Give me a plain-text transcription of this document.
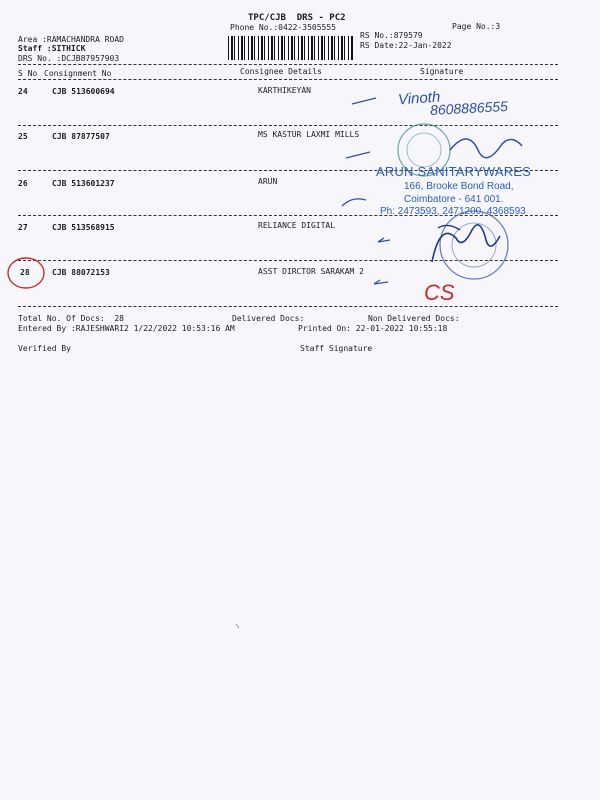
TPC/CJB  DRS - PC2
Phone No.:0422-3505555	Page No.:3
Area :RAMACHANDRA ROAD
Staff :SITHICK
DRS No. :DCJB87957903
RS No.:879579
RS Date:22-Jan-2022
S No Consignment No	Consignee Details	Signature
24	CJB 513600694	KARTHIKEYAN
25	CJB 87877507	MS KASTUR LAXMI MILLS
26	CJB 513601237	ARUN
27	CJB 513568915	RELIANCE DIGITAL
28	CJB 88072153	ASST DIRCTOR SARAKAM 2
Total No. Of Docs:  28	Delivered Docs:	Non Delivered Docs:
Entered By :RAJESHWARI2 1/22/2022 10:53:16 AM	Printed On: 22-01-2022 10:55:18
Verified By	Staff Signature
Vinoth
8608886555
CS
ARUN SANITARYWARES
166, Brooke Bond Road,
Coimbatore - 641 001.
Ph: 2473593, 2471200, 4368593
